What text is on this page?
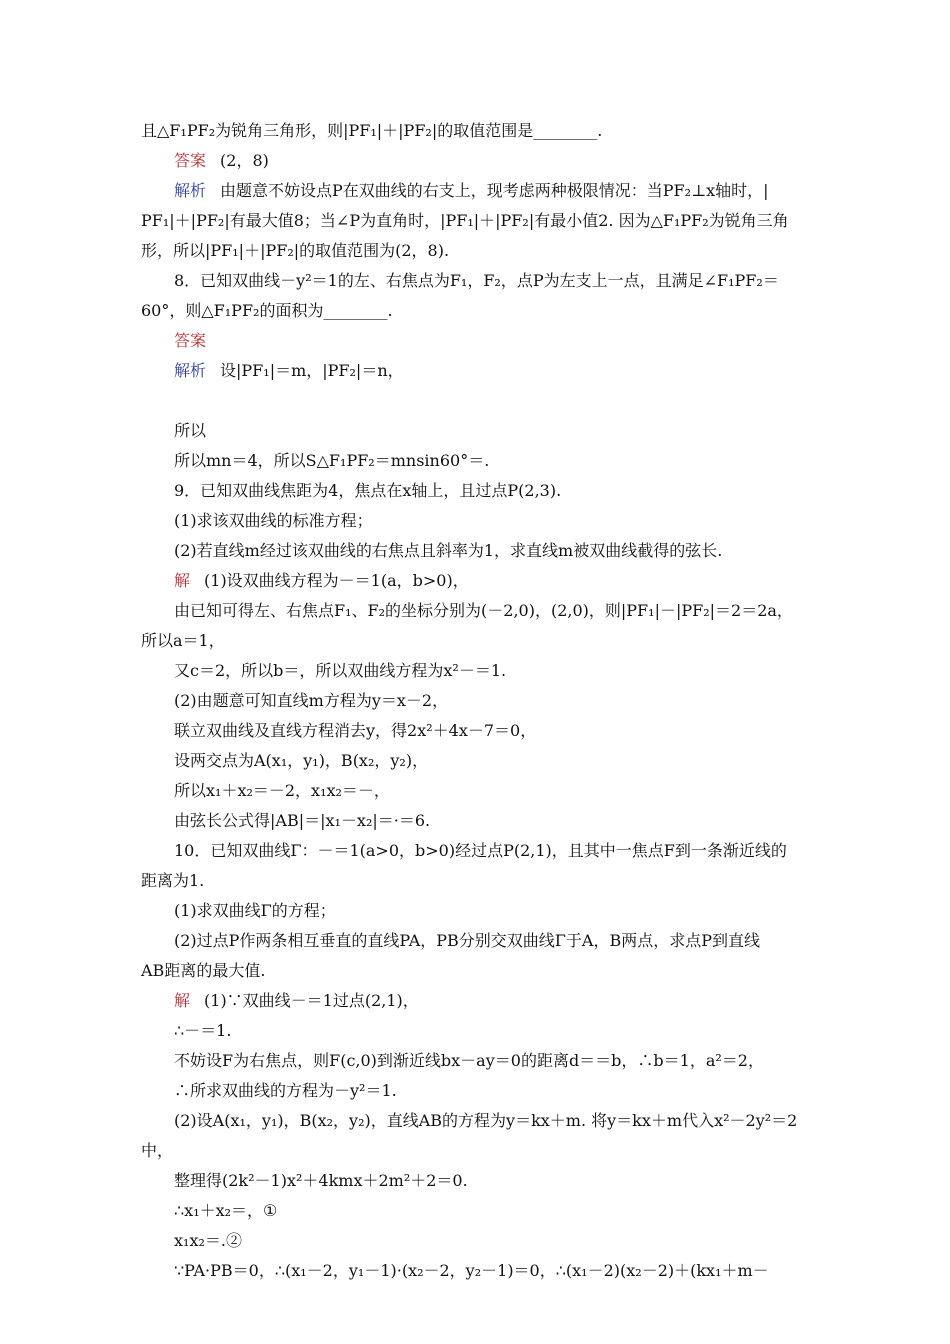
且△F₁PF₂为锐角三角形，则|PF₁|＋|PF₂|的取值范围是________.
答案 (2，8)
解析 由题意不妨设点P在双曲线的右支上，现考虑两种极限情况：当PF₂⊥x轴时，|
PF₁|＋|PF₂|有最大值8；当∠P为直角时，|PF₁|＋|PF₂|有最小值2. 因为△F₁PF₂为锐角三角
形，所以|PF₁|＋|PF₂|的取值范围为(2，8).
8．已知双曲线－y²＝1的左、右焦点为F₁，F₂，点P为左支上一点，且满足∠F₁PF₂＝
60°，则△F₁PF₂的面积为________.
答案
解析 设|PF₁|＝m，|PF₂|＝n，
所以
所以mn＝4，所以S△F₁PF₂＝mnsin60°＝.
9．已知双曲线焦距为4，焦点在x轴上，且过点P(2,3).
(1)求该双曲线的标准方程；
(2)若直线m经过该双曲线的右焦点且斜率为1，求直线m被双曲线截得的弦长.
解 (1)设双曲线方程为－＝1(a，b>0)，
由已知可得左、右焦点F₁、F₂的坐标分别为(－2,0)，(2,0)，则|PF₁|－|PF₂|＝2＝2a，
所以a＝1，
又c＝2，所以b＝，所以双曲线方程为x²－＝1.
(2)由题意可知直线m方程为y＝x－2，
联立双曲线及直线方程消去y，得2x²＋4x－7＝0，
设两交点为A(x₁，y₁)，B(x₂，y₂)，
所以x₁＋x₂＝－2，x₁x₂＝－，
由弦长公式得|AB|＝|x₁－x₂|＝·＝6.
10．已知双曲线Γ：－＝1(a>0，b>0)经过点P(2,1)，且其中一焦点F到一条渐近线的
距离为1.
(1)求双曲线Γ的方程；
(2)过点P作两条相互垂直的直线PA，PB分别交双曲线Γ于A，B两点，求点P到直线
AB距离的最大值.
解 (1)∵双曲线－＝1过点(2,1)，
∴－＝1.
不妨设F为右焦点，则F(c,0)到渐近线bx－ay＝0的距离d＝＝b，∴b＝1，a²＝2，
∴所求双曲线的方程为－y²＝1.
(2)设A(x₁，y₁)，B(x₂，y₂)，直线AB的方程为y＝kx＋m. 将y＝kx＋m代入x²－2y²＝2
中，
整理得(2k²－1)x²＋4kmx＋2m²＋2＝0.
∴x₁＋x₂＝，①
x₁x₂＝.②
∵PA·PB＝0，∴(x₁－2，y₁－1)·(x₂－2，y₂－1)＝0，∴(x₁－2)(x₂－2)＋(kx₁＋m－
